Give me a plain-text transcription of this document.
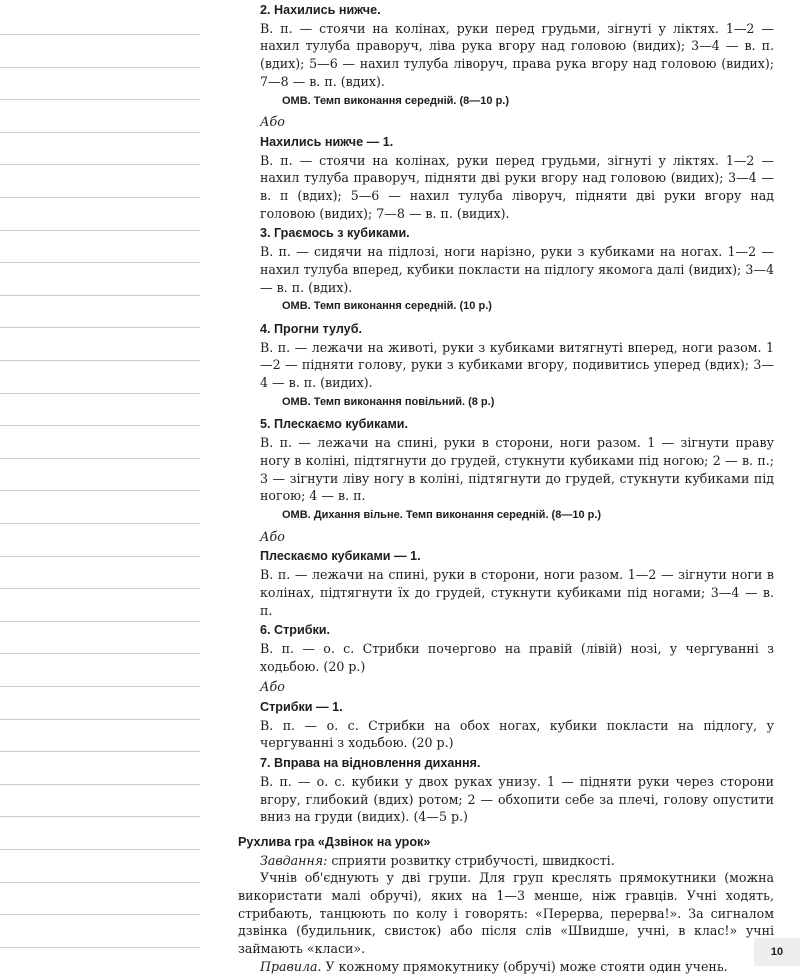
2. Нахились нижче.
В. п. — стоячи на колінах, руки перед грудьми, зігнуті у ліктях. 1—2 — нахил тулуба праворуч, ліва рука вгору над головою (видих); 3—4 — в. п. (вдих); 5—6 — нахил тулуба ліворуч, права рука вгору над головою (видих); 7—8 — в. п. (вдих).
ОМВ. Темп виконання середній. (8—10 р.)
Або
Нахились нижче — 1.
В. п. — стоячи на колінах, руки перед грудьми, зігнуті у ліктях. 1—2 — нахил тулуба праворуч, підняти дві руки вгору над головою (видих); 3—4 — в. п (вдих); 5—6 — нахил тулуба ліворуч, підняти дві руки вгору над головою (видих); 7—8 — в. п. (видих).
3. Граємось з кубиками.
В. п. — сидячи на підлозі, ноги нарізно, руки з кубиками на ногах. 1—2 — нахил тулуба вперед, кубики покласти на підлогу якомога далі (видих); 3—4 — в. п. (вдих).
ОМВ. Темп виконання середній. (10 р.)
4. Прогни тулуб.
В. п. — лежачи на животі, руки з кубиками витягнуті вперед, ноги разом. 1—2 — підняти голову, руки з кубиками вгору, подивитись уперед (вдих); 3—4 — в. п. (видих).
ОМВ. Темп виконання повільний. (8 р.)
5. Плескаємо кубиками.
В. п. — лежачи на спині, руки в сторони, ноги разом. 1 — зігнути праву ногу в коліні, підтягнути до грудей, стукнути кубиками під ногою; 2 — в. п.; 3 — зігнути ліву ногу в коліні, підтягнути до грудей, стукнути кубиками під ногою; 4 — в. п.
ОМВ. Дихання вільне. Темп виконання середній. (8—10 р.)
Або
Плескаємо кубиками — 1.
В. п. — лежачи на спині, руки в сторони, ноги разом. 1—2 — зігнути ноги в колінах, підтягнути їх до грудей, стукнути кубиками під ногами; 3—4 — в. п.
6. Стрибки.
В. п. — о. с. Стрибки почергово на правій (лівій) нозі, у чергуванні з ходьбою. (20 р.)
Або
Стрибки — 1.
В. п. — о. с. Стрибки на обох ногах, кубики покласти на підлогу, у чергуванні з ходьбою. (20 р.)
7. Вправа на відновлення дихання.
В. п. — о. с. кубики у двох руках унизу. 1 — підняти руки через сторони вгору, глибокий (вдих) ротом; 2 — обхопити себе за плечі, голову опустити вниз на груди (видих). (4—5 р.)
Рухлива гра «Дзвінок на урок»
Завдання: сприяти розвитку стрибучості, швидкості.
Учнів об'єднують у дві групи. Для груп креслять прямокутники (можна використати малі обручі), яких на 1—3 менше, ніж гравців. Учні ходять, стрибають, танцюють по колу і говорять: «Перерва, перерва!». За сигналом дзвінка (будильник, свисток) або після слів «Швидше, учні, в клас!» учні займають «класи».
Правила. У кожному прямокутнику (обручі) може стояти один учень.
10
